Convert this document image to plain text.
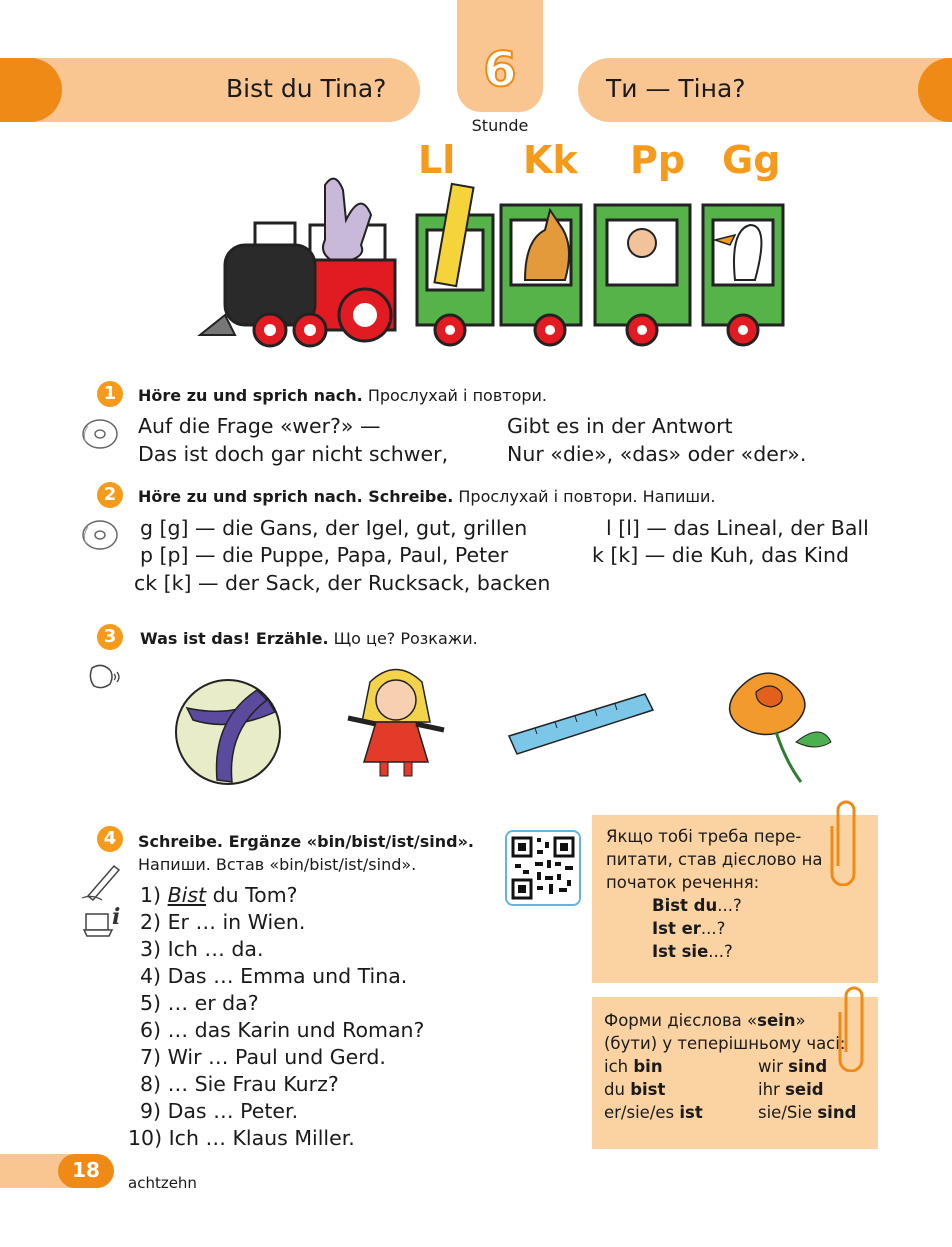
Bist du Tina?	Ти — Тіна?
6
Stunde
Ll Kk Pp Gg
1	Höre zu und sprich nach. Прослухай і повтори.
Auf die Frage «wer?» —
Das ist doch gar nicht schwer,
Gibt es in der Antwort
Nur «die», «das» oder «der».
2	Höre zu und sprich nach. Schreibe. Прослухай і повтори. Напиши.
g [g] — die Gans, der Igel, gut, grillen
p [p] — die Puppe, Papa, Paul, Peter
ck [k] — der Sack, der Rucksack, backen
l [l] — das Lineal, der Ball
k [k] — die Kuh, das Kind
3	Was ist das! Erzähle. Що це? Розкажи.
4	Schreibe. Ergänze «bin/bist/ist/sind».
Напиши. Встав «bin/bist/ist/sind».
i
1) Bist du Tom?
2) Er … in Wien.
3) Ich … da.
4) Das … Emma und Tina.
5) … er da?
6) … das Karin und Roman?
7) Wir … Paul und Gerd.
8) … Sie Frau Kurz?
9) Das … Peter.
10) Ich … Klaus Miller.
Якщо тобі треба пере-
питати, став дієслово на
початок речення:
Bist du...?
Ist er...?
Ist sie...?
Форми дієслова «sein»
(бути) у теперішньому часі:
ich bin	wir sind
du bist	ihr seid
er/sie/es ist	sie/Sie sind
18
achtzehn
